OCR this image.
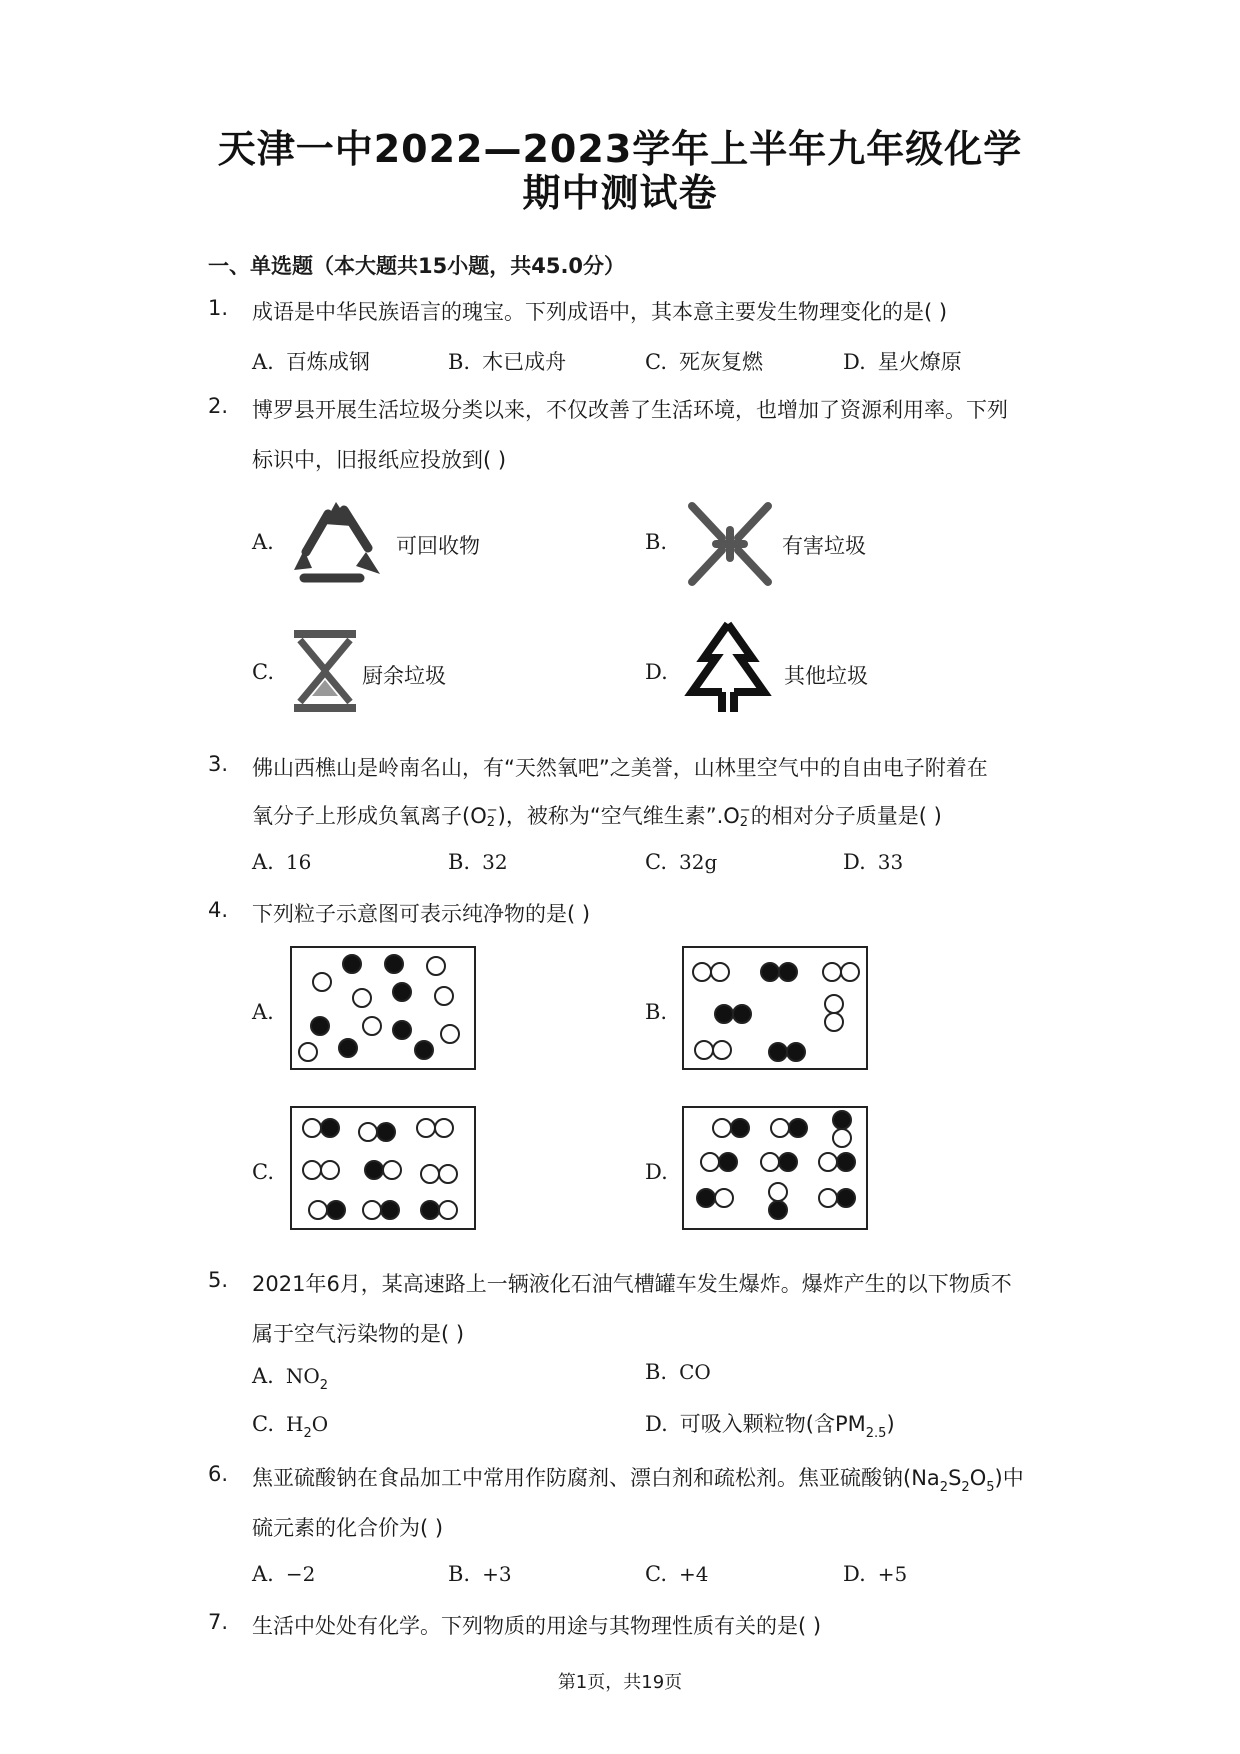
天津一中2022—2023学年上半年九年级化学
期中测试卷
一、单选题（本大题共15小题，共45.0分）
1.	成语是中华民族语言的瑰宝。下列成语中，其本意主要发生物理变化的是( )
A. 百炼成钢	B. 木已成舟	C. 死灰复燃	D. 星火燎原
2.	博罗县开展生活垃圾分类以来，不仅改善了生活环境，也增加了资源利用率。下列
标识中，旧报纸应投放到( )
A.	可回收物	B.	有害垃圾
C.	厨余垃圾	D.	其他垃圾
3.	佛山西樵山是岭南名山，有“天然氧吧”之美誉，山林里空气中的自由电子附着在
氧分子上形成负氧离子(O −
2 )，被称为“空气维生素”.O −
2 的相对分子质量是( )
A. 16	B. 32	C. 32g	D. 33
4.	下列粒子示意图可表示纯净物的是( )
A.	B.
C.	D.
5.	2021年6月，某高速路上一辆液化石油气槽罐车发生爆炸。爆炸产生的以下物质不
属于空气污染物的是( )
A. $NO_2$
B. CO
C. $H_2O$	D. 可吸入颗粒物(含$PM_{2.5}$)
6.	焦亚硫酸钠在食品加工中常用作防腐剂、漂白剂和疏松剂。焦亚硫酸钠$(Na_2S_2O_5)$中
硫元素的化合价为( )
A. −2	B. +3	C. +4	D. +5
7.	生活中处处有化学。下列物质的用途与其物理性质有关的是( )
第1页，共19页
